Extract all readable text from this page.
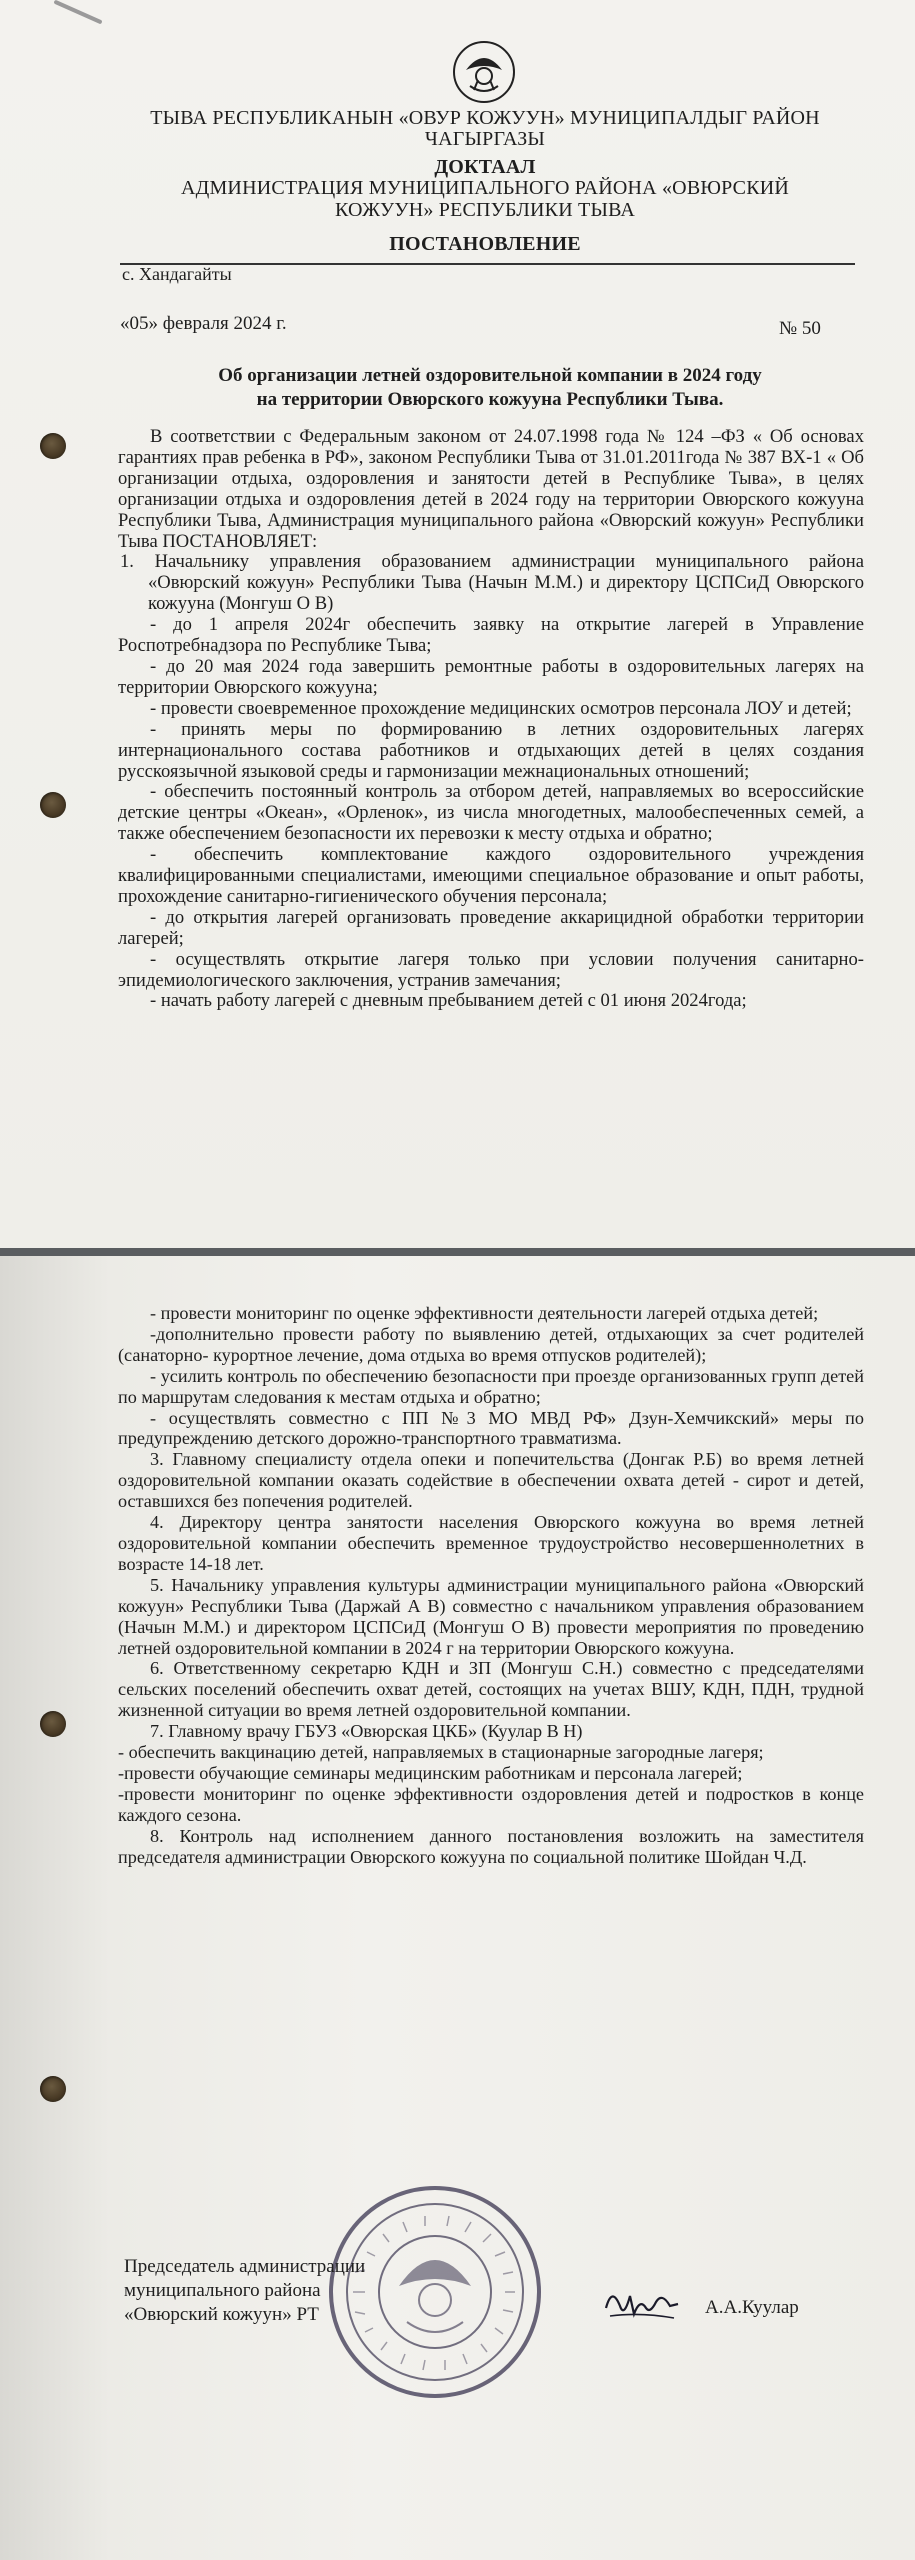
ТЫВА РЕСПУБЛИКАНЫН «ОВУР КОЖУУН» МУНИЦИПАЛДЫГ РАЙОН
ЧАГЫРГАЗЫ
ДОКТААЛ
АДМИНИСТРАЦИЯ МУНИЦИПАЛЬНОГО РАЙОНА «ОВЮРСКИЙ
КОЖУУН» РЕСПУБЛИКИ ТЫВА
ПОСТАНОВЛЕНИЕ
с. Хандагайты
«05» февраля 2024 г.	№ 50
Об организации летней оздоровительной компании в 2024 году
на территории Овюрского кожууна Республики Тыва.

В соответствии с Федеральным законом от 24.07.1998 года № 124 –ФЗ « Об основах гарантиях прав ребенка в РФ», законом Республики Тыва от 31.01.2011года № 387 ВХ-1 « Об организации отдыха, оздоровления и занятости детей в Республике Тыва», в целях организации отдыха и оздоровления детей в 2024 году на территории Овюрского кожууна Республики Тыва, Администрация муниципального района «Овюрский кожуун» Республики Тыва ПОСТАНОВЛЯЕТ:

1. Начальнику управления образованием администрации муниципального района «Овюрский кожуун» Республики Тыва (Начын М.М.) и директору ЦСПСиД Овюрского кожууна (Монгуш О В)

- до 1 апреля 2024г обеспечить заявку на открытие лагерей в Управление Роспотребнадзора по Республике Тыва;

- до 20 мая 2024 года завершить ремонтные работы в оздоровительных лагерях на территории Овюрского кожууна;

- провести своевременное прохождение медицинских осмотров персонала ЛОУ и детей;

- принять меры по формированию в летних оздоровительных лагерях интернационального состава работников и отдыхающих детей в целях создания русскоязычной языковой среды и гармонизации межнациональных отношений;

- обеспечить постоянный контроль за отбором детей, направляемых во всероссийские детские центры «Океан», «Орленок», из числа многодетных, малообеспеченных семей, а также обеспечением безопасности их перевозки к месту отдыха и обратно;

- обеспечить комплектование каждого оздоровительного учреждения квалифицированными специалистами, имеющими специальное образование и опыт работы, прохождение санитарно-гигиенического обучения персонала;

- до открытия лагерей организовать проведение аккарицидной обработки территории лагерей;

- осуществлять открытие лагеря только при условии получения санитарно-эпидемиологического заключения, устранив замечания;

- начать работу лагерей с дневным пребыванием детей с 01 июня 2024года;

- провести мониторинг по оценке эффективности деятельности лагерей отдыха детей;

-дополнительно провести работу по выявлению детей, отдыхающих за счет родителей (санаторно- курортное лечение, дома отдыха во время отпусков родителей);

- усилить контроль по обеспечению безопасности при проезде организованных групп детей по маршрутам следования к местам отдыха и обратно;

- осуществлять совместно с ПП №3 МО МВД РФ» Дзун-Хемчикский» меры по предупреждению детского дорожно-транспортного травматизма.

3. Главному специалисту отдела опеки и попечительства (Донгак Р.Б) во время летней оздоровительной компании оказать содействие в обеспечении охвата детей - сирот и детей, оставшихся без попечения родителей.

4. Директору центра занятости населения Овюрского кожууна во время летней оздоровительной компании обеспечить временное трудоустройство несовершеннолетних в возрасте 14-18 лет.

5. Начальнику управления культуры администрации муниципального района «Овюрский кожуун» Республики Тыва (Даржай А В) совместно с начальником управления образованием (Начын М.М.) и директором ЦСПСиД (Монгуш О В) провести мероприятия по проведению летней оздоровительной компании в 2024 г на территории Овюрского кожууна.

6. Ответственному секретарю КДН и ЗП (Монгуш С.Н.) совместно с председателями сельских поселений обеспечить охват детей, состоящих на учетах ВШУ, КДН, ПДН, трудной жизненной ситуации во время летней оздоровительной компании.

7. Главному врачу ГБУЗ «Овюрская ЦКБ» (Куулар В Н)

- обеспечить вакцинацию детей, направляемых в стационарные загородные лагеря;

-провести обучающие семинары медицинским работникам и персонала лагерей;

-провести мониторинг по оценке эффективности оздоровления детей и подростков в конце каждого сезона.

8. Контроль над исполнением данного постановления возложить на заместителя председателя администрации Овюрского кожууна по социальной политике Шойдан Ч.Д.

Председатель администрации
муниципального района
«Овюрский кожуун» РТ	А.А.Куулар
